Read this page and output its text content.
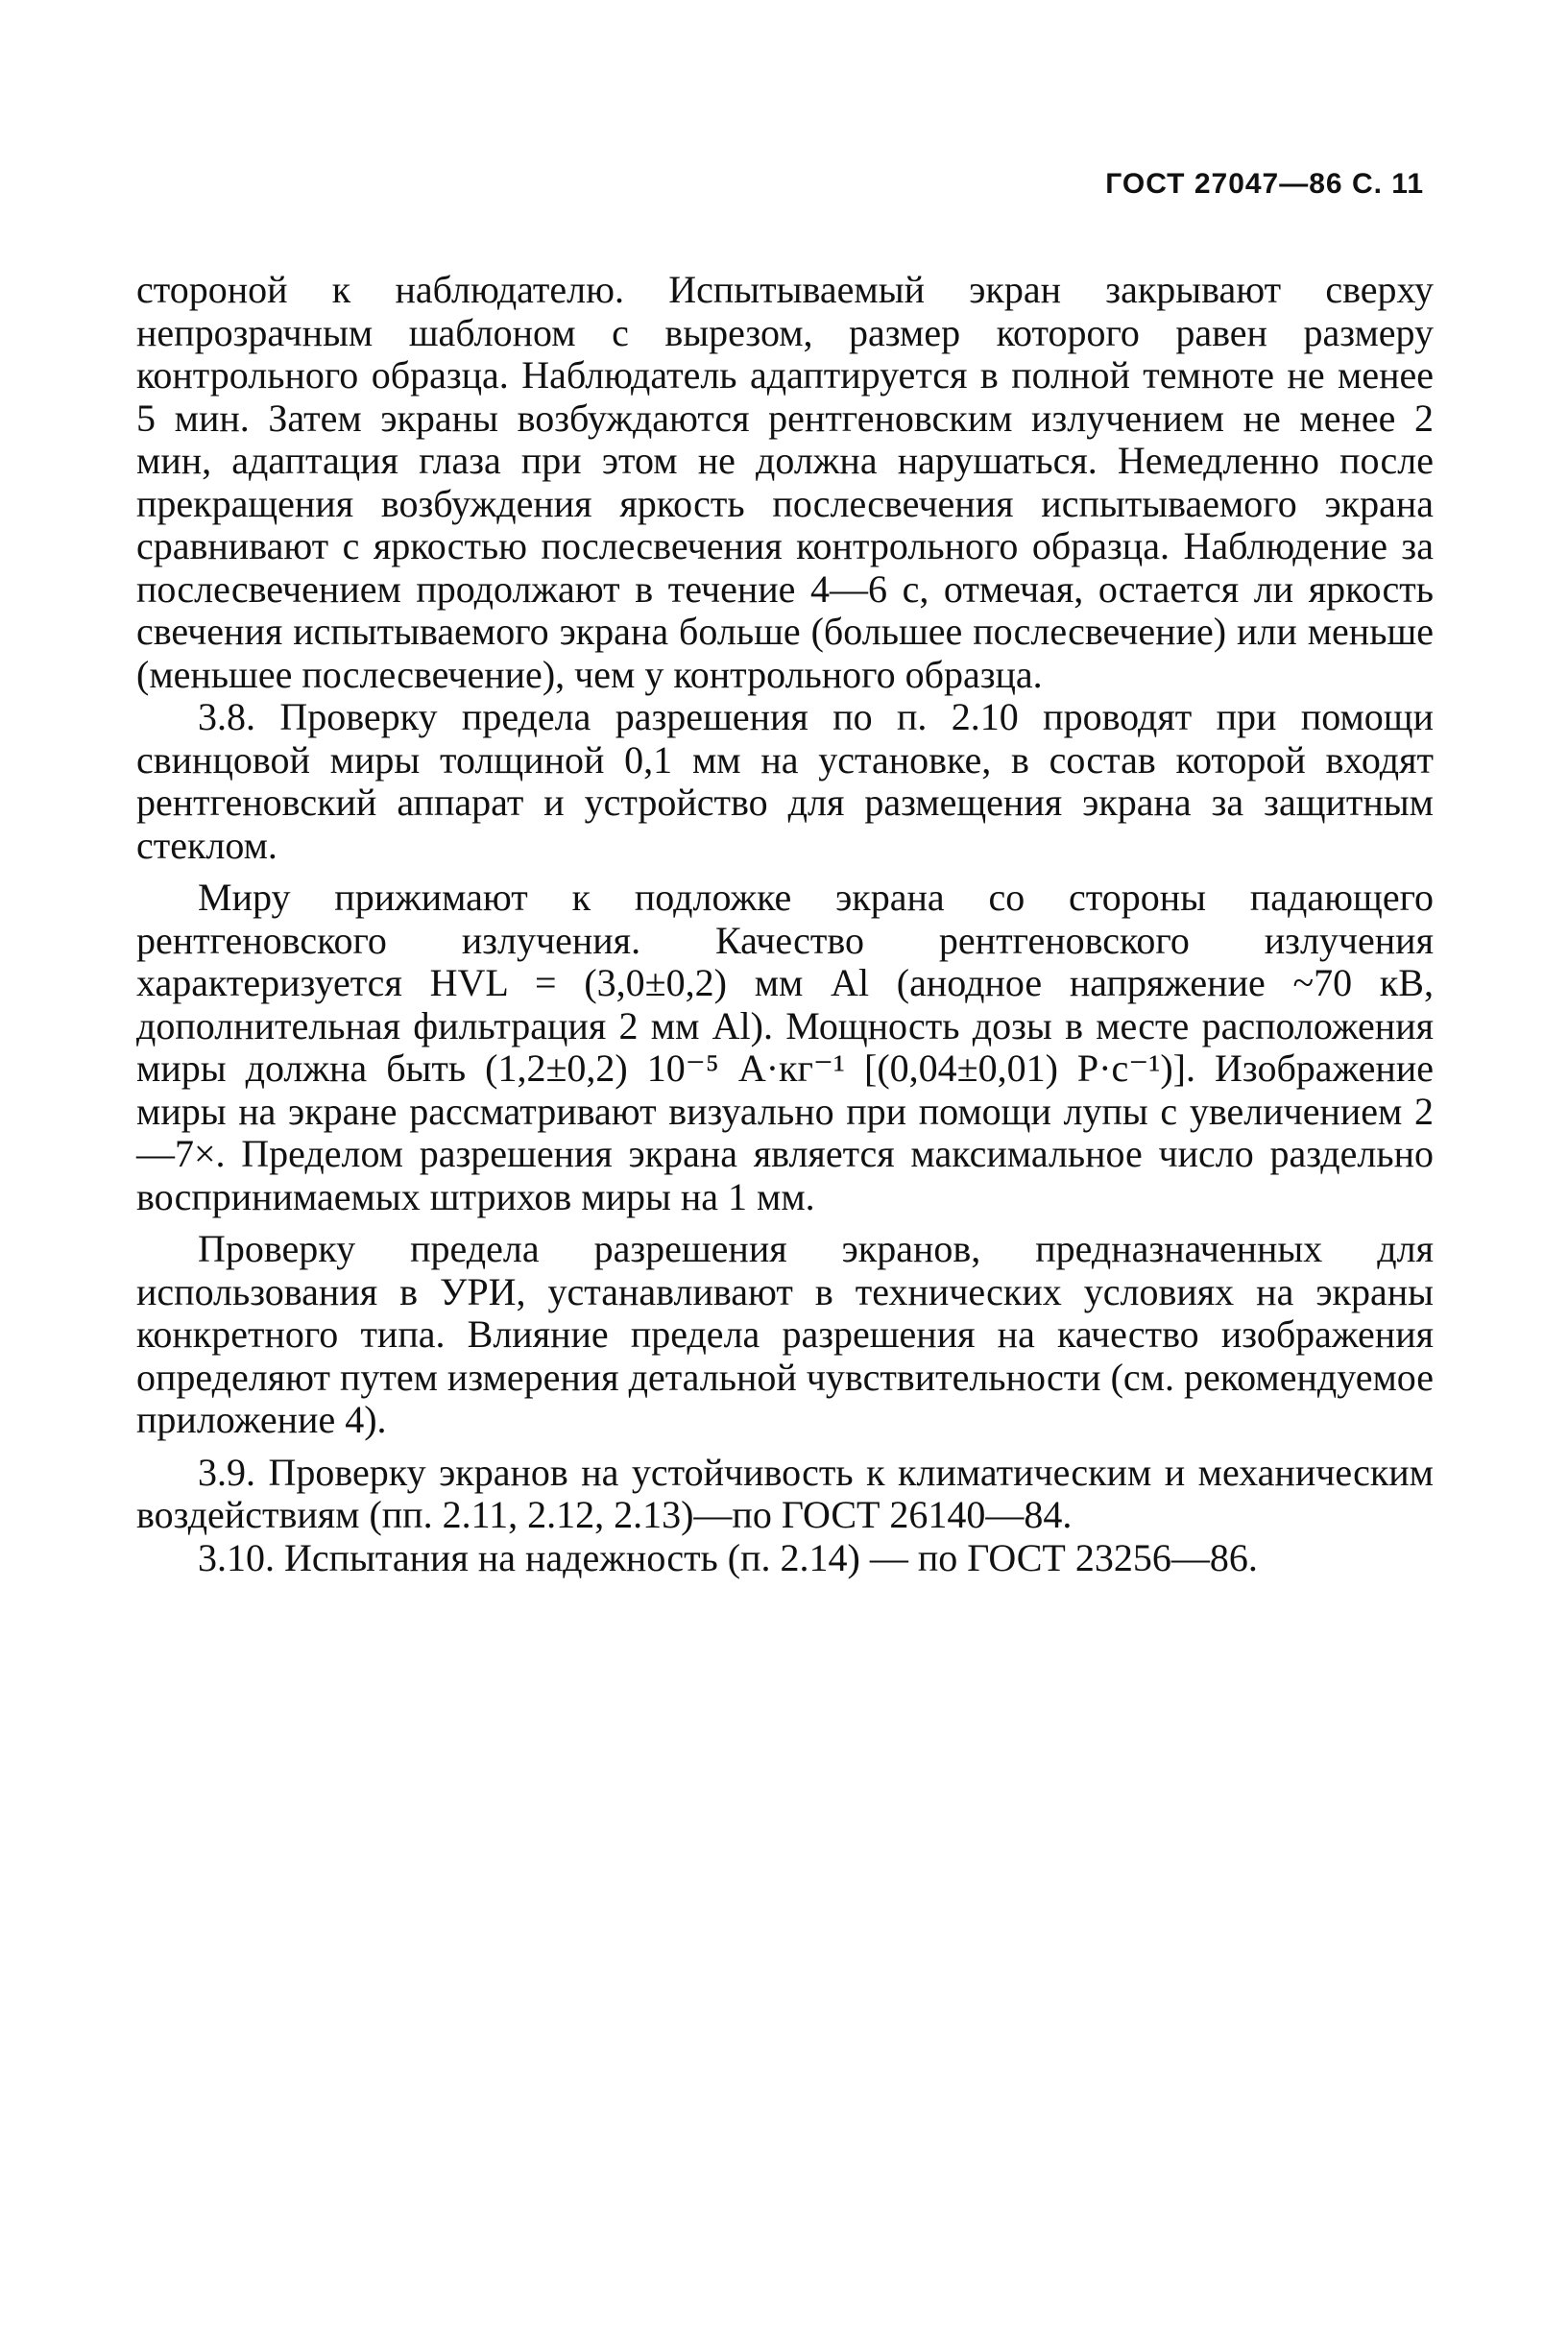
ГОСТ 27047—86 С. 11

стороной к наблюдателю. Испытываемый экран закрывают сверху непрозрачным шаблоном с вырезом, размер которого равен размеру контрольного образца. Наблюдатель адаптируется в полной темноте не менее 5 мин. Затем экраны возбуждаются рентгеновским излучением не менее 2 мин, адаптация глаза при этом не должна нарушаться. Немедленно после прекращения возбуждения яркость послесвечения испытываемого экрана сравнивают с яркостью послесвечения контрольного образца. Наблюдение за послесвечением продолжают в течение 4—6 с, отмечая, остается ли яркость свечения испытываемого экрана больше (большее послесвечение) или меньше (меньшее послесвечение), чем у контрольного образца.

3.8. Проверку предела разрешения по п. 2.10 проводят при помощи свинцовой миры толщиной 0,1 мм на установке, в состав которой входят рентгеновский аппарат и устройство для размещения экрана за защитным стеклом.

Миру прижимают к подложке экрана со стороны падающего рентгеновского излучения. Качество рентгеновского излучения характеризуется HVL = (3,0±0,2) мм Al (анодное напряжение ~70 кВ, дополнительная фильтрация 2 мм Al). Мощность дозы в месте расположения миры должна быть (1,2±0,2) 10⁻⁵ А·кг⁻¹ [(0,04±0,01) Р·с⁻¹)]. Изображение миры на экране рассматривают визуально при помощи лупы с увеличением 2—7×. Пределом разрешения экрана является максимальное число раздельно воспринимаемых штрихов миры на 1 мм.

Проверку предела разрешения экранов, предназначенных для использования в УРИ, устанавливают в технических условиях на экраны конкретного типа. Влияние предела разрешения на качество изображения определяют путем измерения детальной чувствительности (см. рекомендуемое приложение 4).

3.9. Проверку экранов на устойчивость к климатическим и механическим воздействиям (пп. 2.11, 2.12, 2.13)—по ГОСТ 26140—84.

3.10. Испытания на надежность (п. 2.14) — по ГОСТ 23256—86.
